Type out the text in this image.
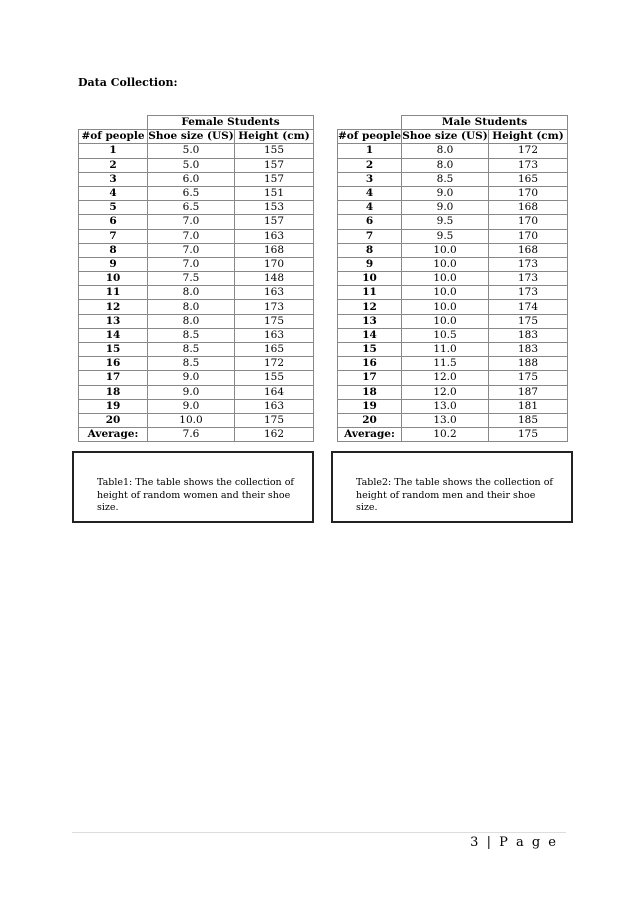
Data Collection:
	Female Students	
#of people	Shoe size (US)	Height (cm)
1	5.0	155
2	5.0	157
3	6.0	157
4	6.5	151
5	6.5	153
6	7.0	157
7	7.0	163
8	7.0	168
9	7.0	170
10	7.5	148
11	8.0	163
12	8.0	173
13	8.0	175
14	8.5	163
15	8.5	165
16	8.5	172
17	9.0	155
18	9.0	164
19	9.0	163
20	10.0	175
Average:	7.6	162
	Male Students	
#of people	Shoe size (US)	Height (cm)
1	8.0	172
2	8.0	173
3	8.5	165
4	9.0	170
4	9.0	168
6	9.5	170
7	9.5	170
8	10.0	168
9	10.0	173
10	10.0	173
11	10.0	173
12	10.0	174
13	10.0	175
14	10.5	183
15	11.0	183
16	11.5	188
17	12.0	175
18	12.0	187
19	13.0	181
20	13.0	185
Average:	10.2	175
Table1: The table shows the collection of height of random women and their shoe size.
Table2: The table shows the collection of height of random men and their shoe size.
3 | P a g e
